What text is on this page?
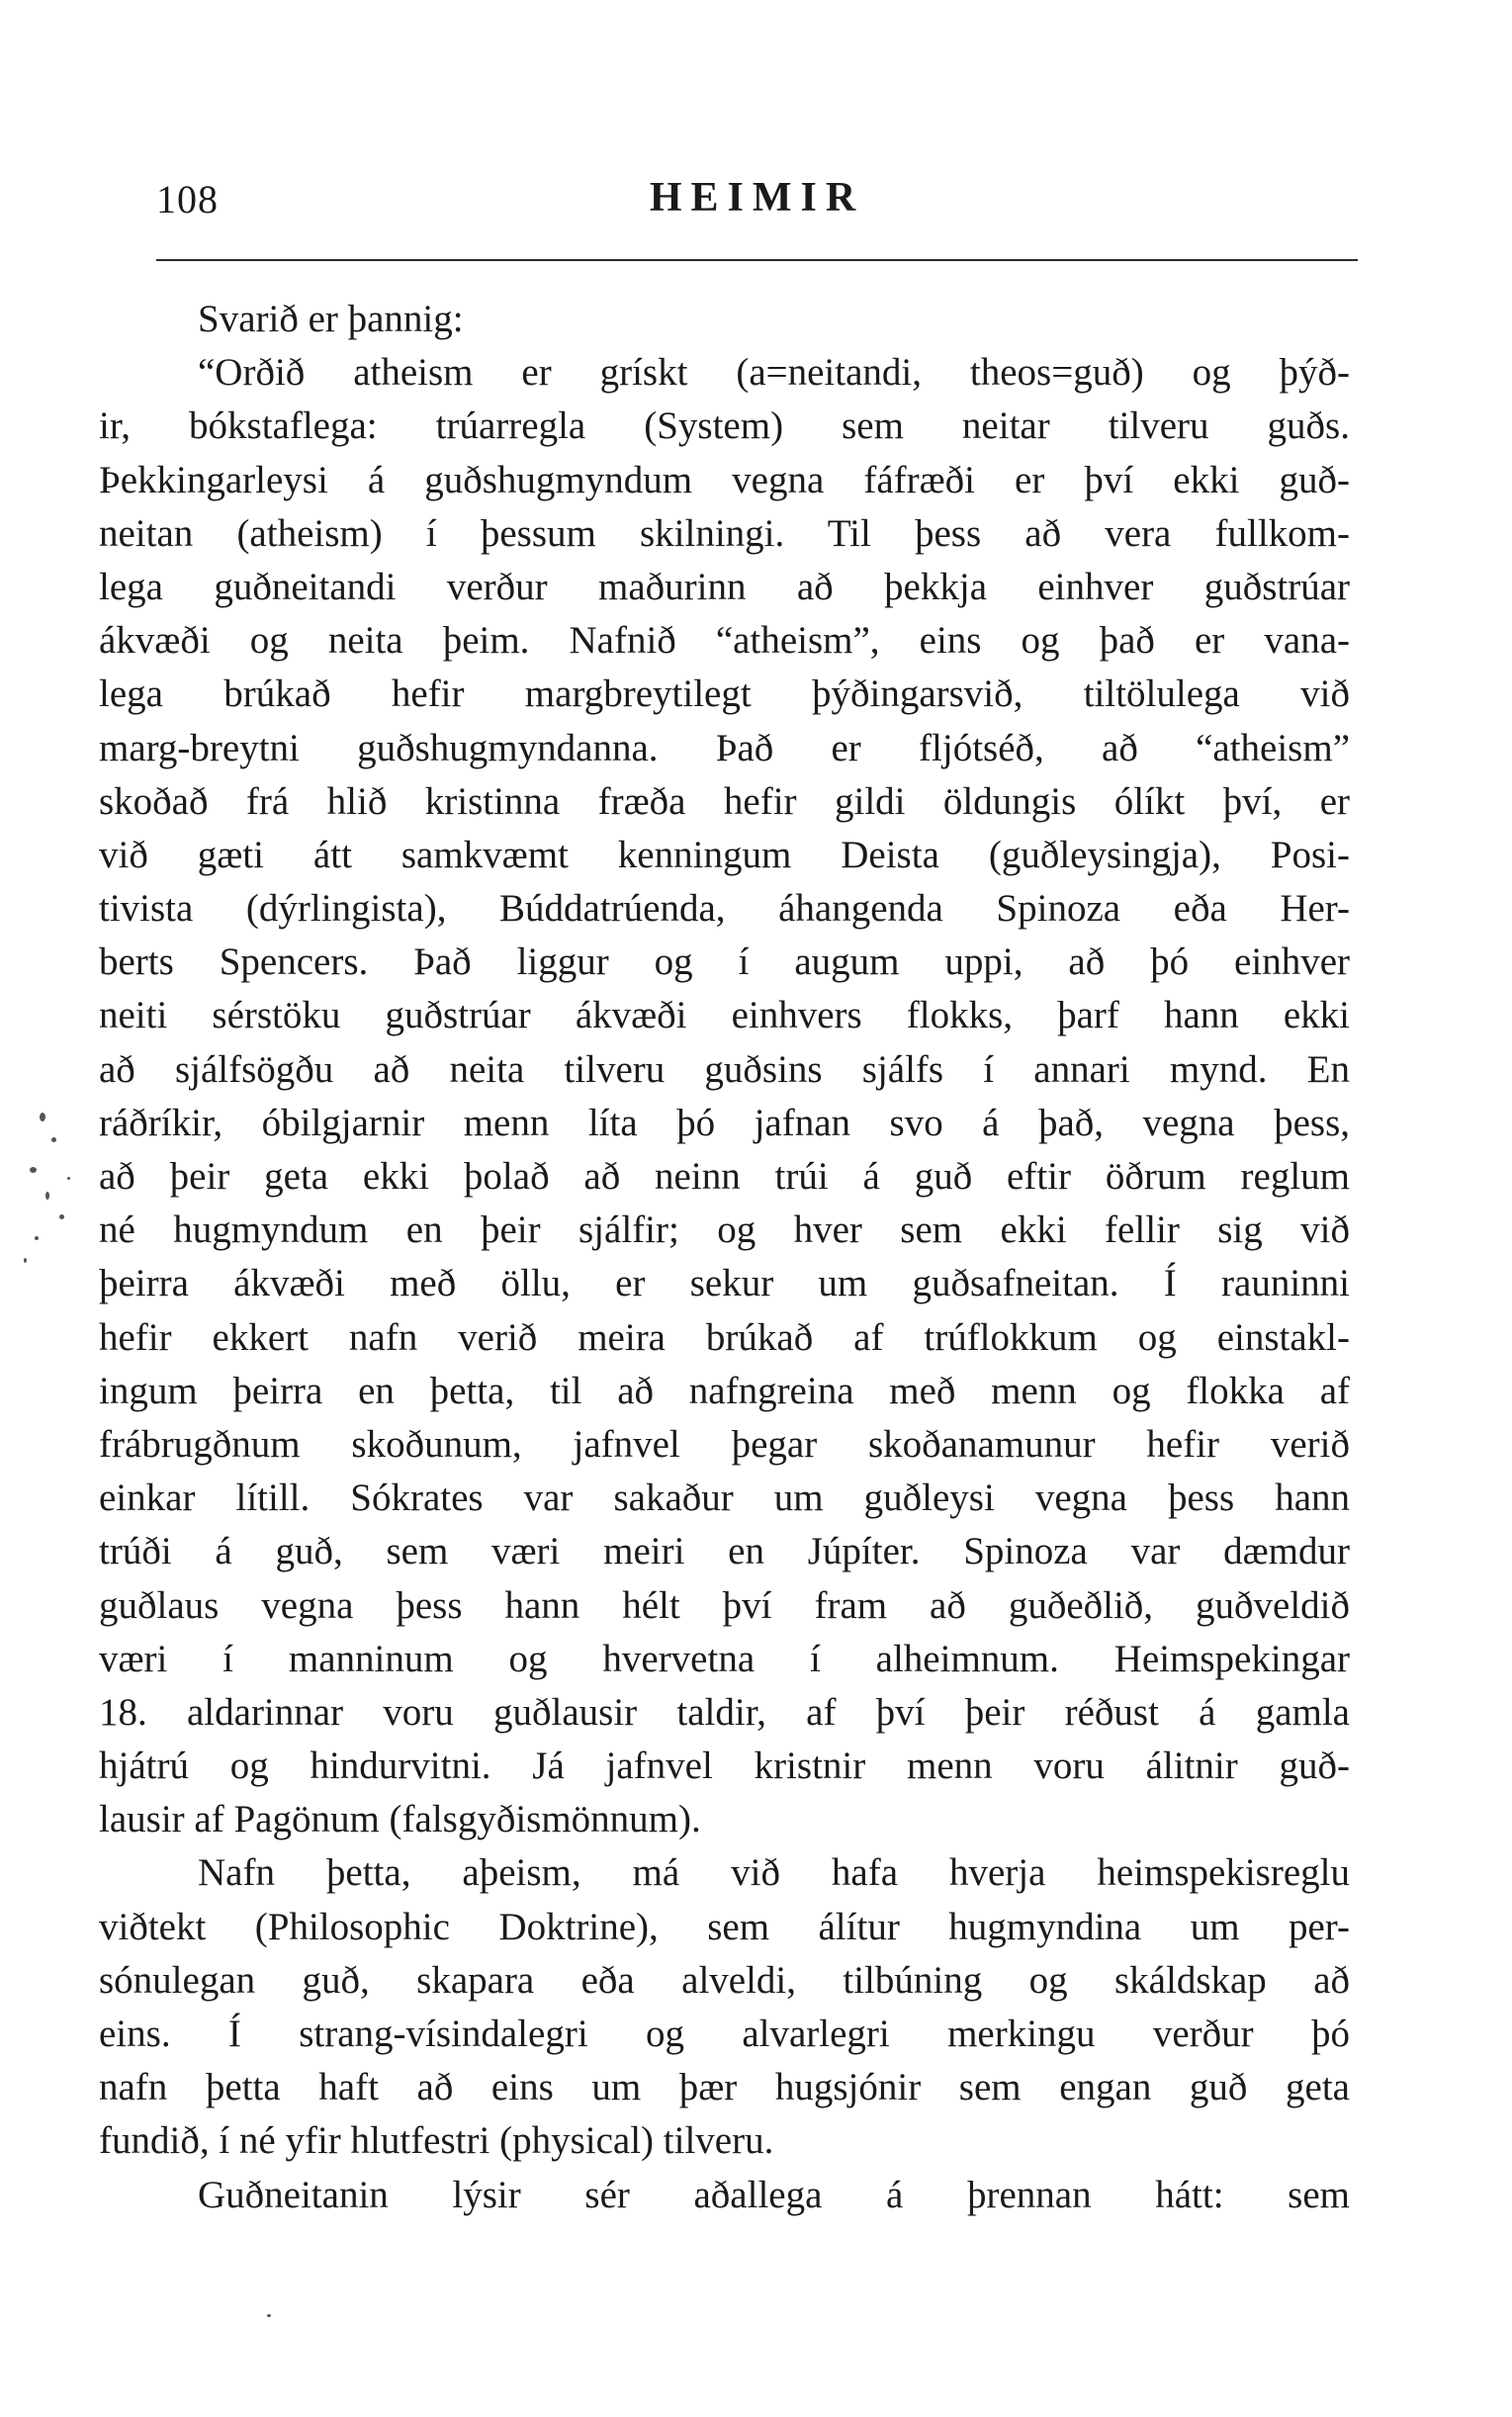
108	HEIMIR
Svarið er þannig:
“Orðið atheism er grískt (a=neitandi, theos=guð) og þýð-
ir, bókstaflega: trúarregla (System) sem neitar tilveru guðs.
Þekkingarleysi á guðshugmyndum vegna fáfræði er því ekki guð-
neitan (atheism) í þessum skilningi. Til þess að vera fullkom-
lega guðneitandi verður maðurinn að þekkja einhver guðstrúar
ákvæði og neita þeim. Nafnið “atheism”, eins og það er vana-
lega brúkað hefir margbreytilegt þýðingarsvið, tiltölulega við
marg-breytni guðshugmyndanna. Það er fljótséð, að “atheism”
skoðað frá hlið kristinna fræða hefir gildi öldungis ólíkt því, er
við gæti átt samkvæmt kenningum Deista (guðleysingja), Posi-
tivista (dýrlingista), Búddatrúenda, áhangenda Spinoza eða Her-
berts Spencers. Það liggur og í augum uppi, að þó einhver
neiti sérstöku guðstrúar ákvæði einhvers flokks, þarf hann ekki
að sjálfsögðu að neita tilveru guðsins sjálfs í annari mynd. En
ráðríkir, óbilgjarnir menn líta þó jafnan svo á það, vegna þess,
að þeir geta ekki þolað að neinn trúi á guð eftir öðrum reglum
né hugmyndum en þeir sjálfir; og hver sem ekki fellir sig við
þeirra ákvæði með öllu, er sekur um guðsafneitan. Í rauninni
hefir ekkert nafn verið meira brúkað af trúflokkum og einstakl-
ingum þeirra en þetta, til að nafngreina með menn og flokka af
frábrugðnum skoðunum, jafnvel þegar skoðanamunur hefir verið
einkar lítill. Sókrates var sakaður um guðleysi vegna þess hann
trúði á guð, sem væri meiri en Júpíter. Spinoza var dæmdur
guðlaus vegna þess hann hélt því fram að guðeðlið, guðveldið
væri í manninum og hvervetna í alheimnum. Heimspekingar
18. aldarinnar voru guðlausir taldir, af því þeir réðust á gamla
hjátrú og hindurvitni. Já jafnvel kristnir menn voru álitnir guð-
lausir af Pagönum (falsgyðismönnum).
Nafn þetta, aþeism, má við hafa hverja heimspekisreglu
viðtekt (Philosophic Doktrine), sem álítur hugmyndina um per-
sónulegan guð, skapara eða alveldi, tilbúning og skáldskap að
eins. Í strang-vísindalegri og alvarlegri merkingu verður þó
nafn þetta haft að eins um þær hugsjónir sem engan guð geta
fundið, í né yfir hlutfestri (physical) tilveru.
Guðneitanin lýsir sér aðallega á þrennan hátt: sem
